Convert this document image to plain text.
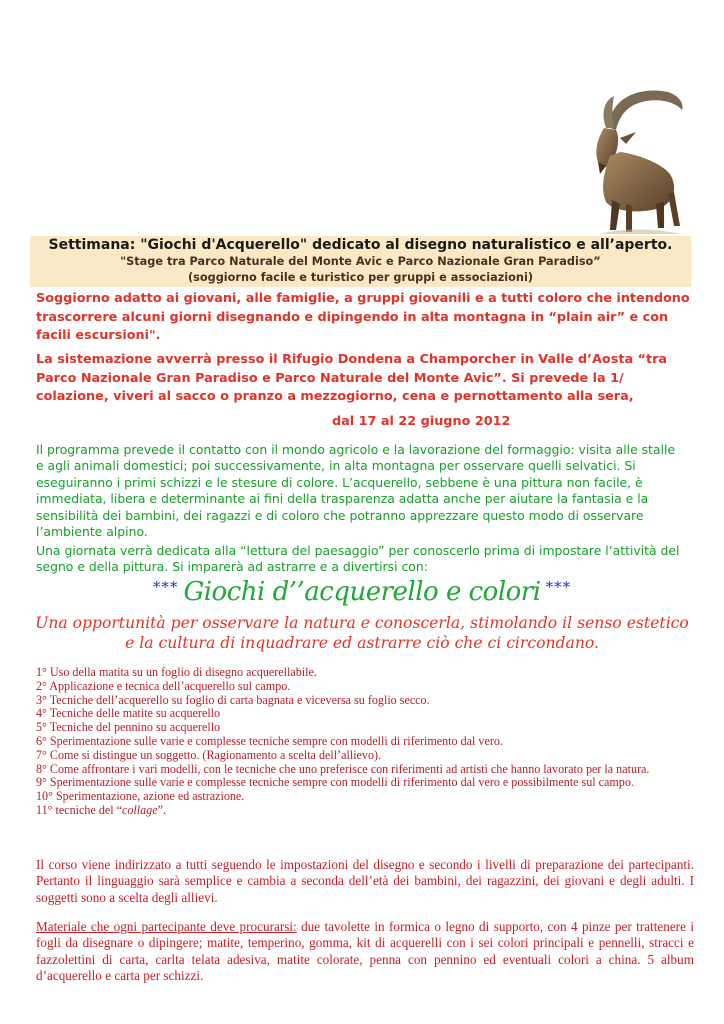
Settimana: "Giochi d'Acquerello" dedicato al disegno naturalistico e all’aperto.
"Stage tra Parco Naturale del Monte Avic e Parco Nazionale Gran Paradiso”
(soggiorno facile e turistico per gruppi e associazioni)
Soggiorno adatto ai giovani, alle famiglie, a gruppi giovanili e a tutti coloro che intendono trascorrere alcuni giorni disegnando e dipingendo in alta montagna in “plain air” e con facili escursioni".
La sistemazione avverrà presso il Rifugio Dondena a Champorcher in Valle d’Aosta “tra Parco Nazionale Gran Paradiso e Parco Naturale del Monte Avic”. Si prevede la 1/ colazione, viveri al sacco o pranzo a mezzogiorno, cena e pernottamento alla sera,
dal 17 al 22 giugno 2012
Il programma prevede il contatto con il mondo agricolo e la lavorazione del formaggio: visita alle stalle e agli animali domestici; poi successivamente, in alta montagna per osservare quelli selvatici. Si eseguiranno i primi schizzi e le stesure di colore. L’acquerello, sebbene è una pittura non facile, è immediata, libera e determinante ai fini della trasparenza adatta anche per aiutare la fantasia e la sensibilità dei bambini, dei ragazzi e di coloro che potranno apprezzare questo modo di osservare l’ambiente alpino.
Una giornata verrà dedicata alla “lettura del paesaggio” per conoscerlo prima di impostare l’attività del segno e della pittura. Si imparerà ad astrarre e a divertirsi con:
*** Giochi d’’acquerello e colori ***
Una opportunità per osservare la natura e conoscerla, stimolando il senso estetico
e la cultura di inquadrare ed astrarre ciò che ci circondano.
1° Uso della matita su un foglio di disegno acquerellabile.
2° Applicazione e tecnica dell’acquerello sul campo.
3° Tecniche dell’acquerello su foglio di carta bagnata e viceversa su foglio secco.
4° Tecniche delle matite su acquerello
5° Tecniche del pennino su acquerello
6° Sperimentazione sulle varie e complesse tecniche sempre con modelli di riferimento dal vero.
7° Come si distingue un soggetto. (Ragionamento a scelta dell’allievo).
8° Come affrontare i vari modelli, con le tecniche che uno preferisce con riferimenti ad artisti che hanno lavorato per la natura.
9° Sperimentazione sulle varie e complesse tecniche sempre con modelli di riferimento dal vero e possibilmente sul campo.
10° Sperimentazione, azione ed astrazione.
11° tecniche del “collage”.
Il corso viene indirizzato a tutti seguendo le impostazioni del disegno e secondo i livelli di preparazione dei partecipanti. Pertanto il linguaggio sarà semplice e cambia a seconda dell’età dei bambini, dei ragazzini, dei giovani e degli adulti. I soggetti sono a scelta degli allievi.
Materiale che ogni partecipante deve procurarsi: due tavolette in formica o legno di supporto, con 4 pinze per trattenere i fogli da disegnare o dipingere; matite, temperino, gomma, kit di acquerelli con i sei colori principali e pennelli, stracci e fazzolettini di carta, carlta telata adesiva, matite colorate, penna con pennino ed eventuali colori a china. 5 album d’acquerello e carta per schizzi.
